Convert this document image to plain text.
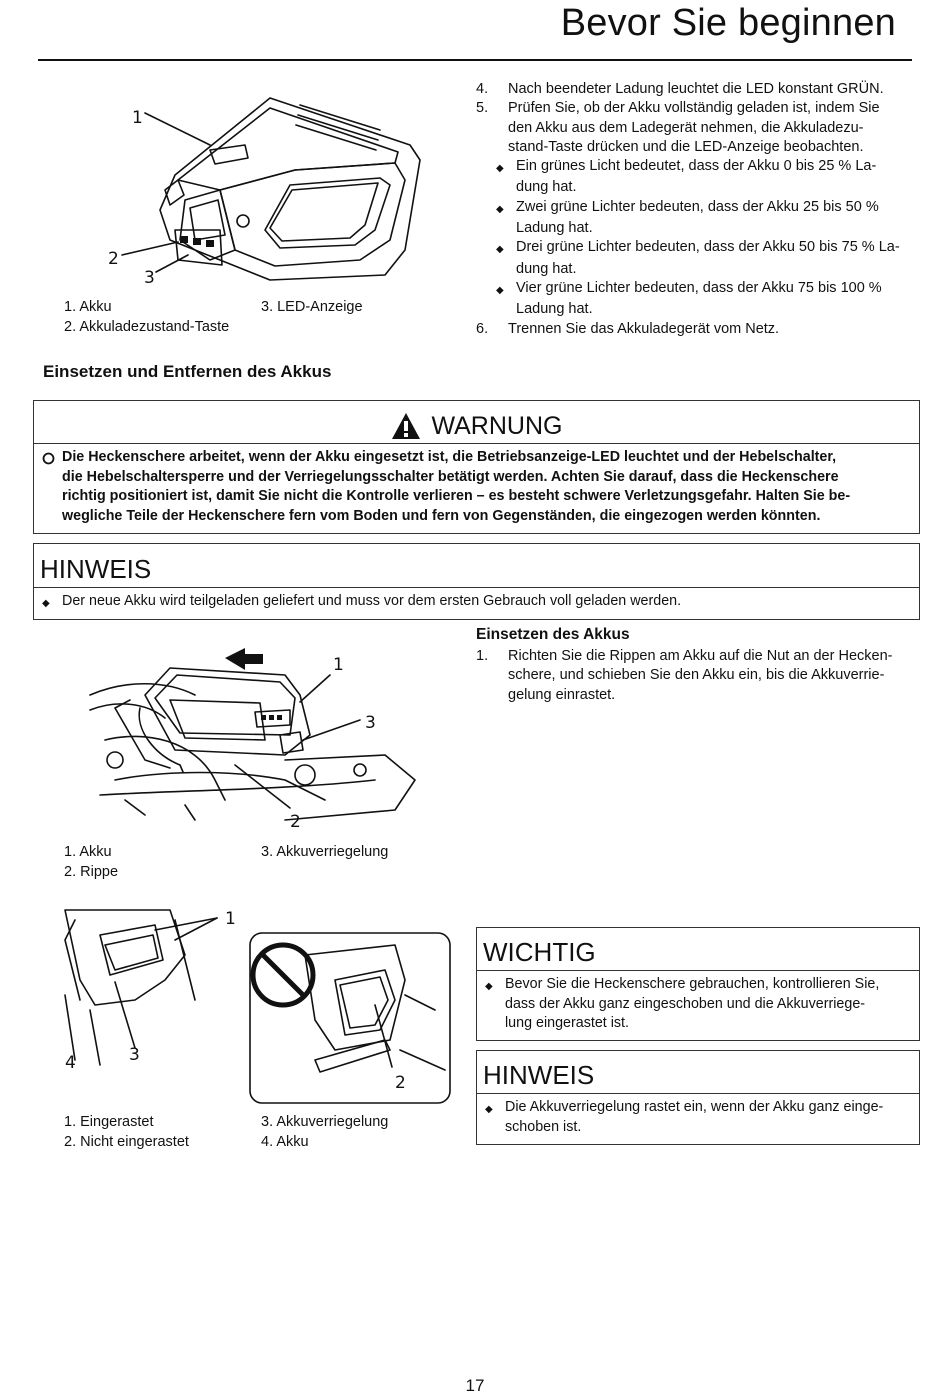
Bevor Sie beginnen
1
2
3
1. Akku	3. LED-Anzeige
2. Akkuladezustand-Taste
4.	Nach beendeter Ladung leuchtet die LED konstant GRÜN.
5.	Prüfen Sie, ob der Akku vollständig geladen ist, indem Sie
den Akku aus dem Ladegerät nehmen, die Akkuladezu-
stand-Taste drücken und die LED-Anzeige beobachten.
◆ Ein grünes Licht bedeutet, dass der Akku 0 bis 25 % La-
dung hat.
◆ Zwei grüne Lichter bedeuten, dass der Akku 25 bis 50 %
Ladung hat.
◆ Drei grüne Lichter bedeuten, dass der Akku 50 bis 75 % La-
dung hat.
◆ Vier grüne Lichter bedeuten, dass der Akku 75 bis 100 %
Ladung hat.
6.	Trennen Sie das Akkuladegerät vom Netz.
Einsetzen und Entfernen des Akkus
WARNUNG
Die Heckenschere arbeitet, wenn der Akku eingesetzt ist, die Betriebsanzeige-LED leuchtet und der Hebelschalter,
die Hebelschaltersperre und der Verriegelungsschalter betätigt werden. Achten Sie darauf, dass die Heckenschere
richtig positioniert ist, damit Sie nicht die Kontrolle verlieren – es besteht schwere Verletzungsgefahr. Halten Sie be-
wegliche Teile der Heckenschere fern vom Boden und fern von Gegenständen, die eingezogen werden könnten.
HINWEIS
◆ Der neue Akku wird teilgeladen geliefert und muss vor dem ersten Gebrauch voll geladen werden.
Einsetzen des Akkus
1.	Richten Sie die Rippen am Akku auf die Nut an der Hecken-
schere, und schieben Sie den Akku ein, bis die Akkuverrie-
gelung einrastet.
1
3
2
1. Akku	3. Akkuverriegelung
2. Rippe
1
4	3
2
1. Eingerastet	3. Akkuverriegelung
2. Nicht eingerastet	4. Akku
WICHTIG
◆ Bevor Sie die Heckenschere gebrauchen, kontrollieren Sie,
dass der Akku ganz eingeschoben und die Akkuverriege-
lung eingerastet ist.
HINWEIS
◆ Die Akkuverriegelung rastet ein, wenn der Akku ganz einge-
schoben ist.
17
